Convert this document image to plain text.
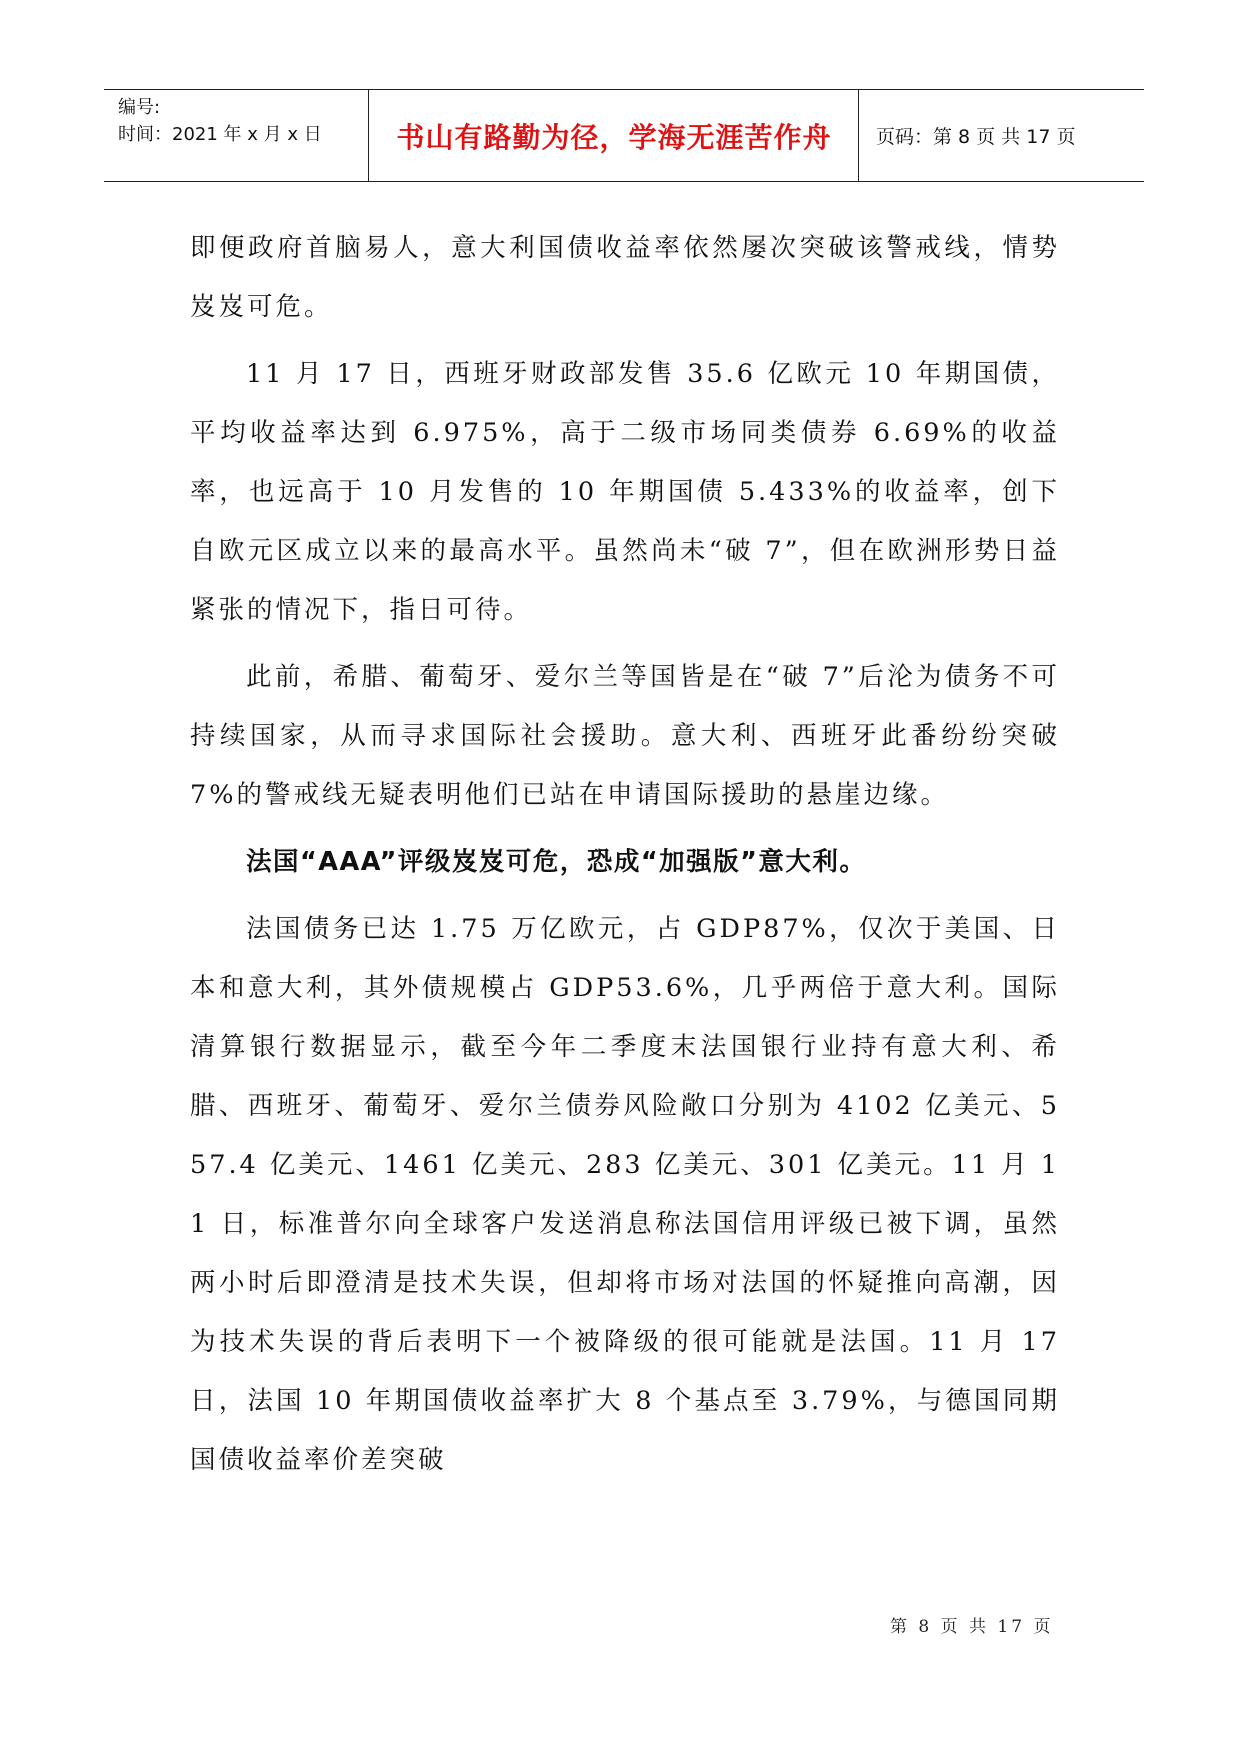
编号:
时间：2021 年 x 月 x 日	书山有路勤为径，学海无涯苦作舟	页码：第 8 页 共 17 页

即便政府首脑易人，意大利国债收益率依然屡次突破该警戒线，情势岌岌可危。

11 月 17 日，西班牙财政部发售 35.6 亿欧元 10 年期国债，平均收益率达到 6.975%，高于二级市场同类债券 6.69%的收益率，也远高于 10 月发售的 10 年期国债 5.433%的收益率，创下自欧元区成立以来的最高水平。虽然尚未“破 7”，但在欧洲形势日益紧张的情况下，指日可待。

此前，希腊、葡萄牙、爱尔兰等国皆是在“破 7”后沦为债务不可持续国家，从而寻求国际社会援助。意大利、西班牙此番纷纷突破 7%的警戒线无疑表明他们已站在申请国际援助的悬崖边缘。

法国“AAA”评级岌岌可危，恐成“加强版”意大利。

法国债务已达 1.75 万亿欧元，占 GDP87%，仅次于美国、日本和意大利，其外债规模占 GDP53.6%，几乎两倍于意大利。国际清算银行数据显示，截至今年二季度末法国银行业持有意大利、希腊、西班牙、葡萄牙、爱尔兰债券风险敞口分别为 4102 亿美元、557.4 亿美元、1461 亿美元、283 亿美元、301 亿美元。11 月 11 日，标准普尔向全球客户发送消息称法国信用评级已被下调，虽然两小时后即澄清是技术失误，但却将市场对法国的怀疑推向高潮，因为技术失误的背后表明下一个被降级的很可能就是法国。11 月 17 日，法国 10 年期国债收益率扩大 8 个基点至 3.79%，与德国同期国债收益率价差突破

第 8 页 共 17 页
